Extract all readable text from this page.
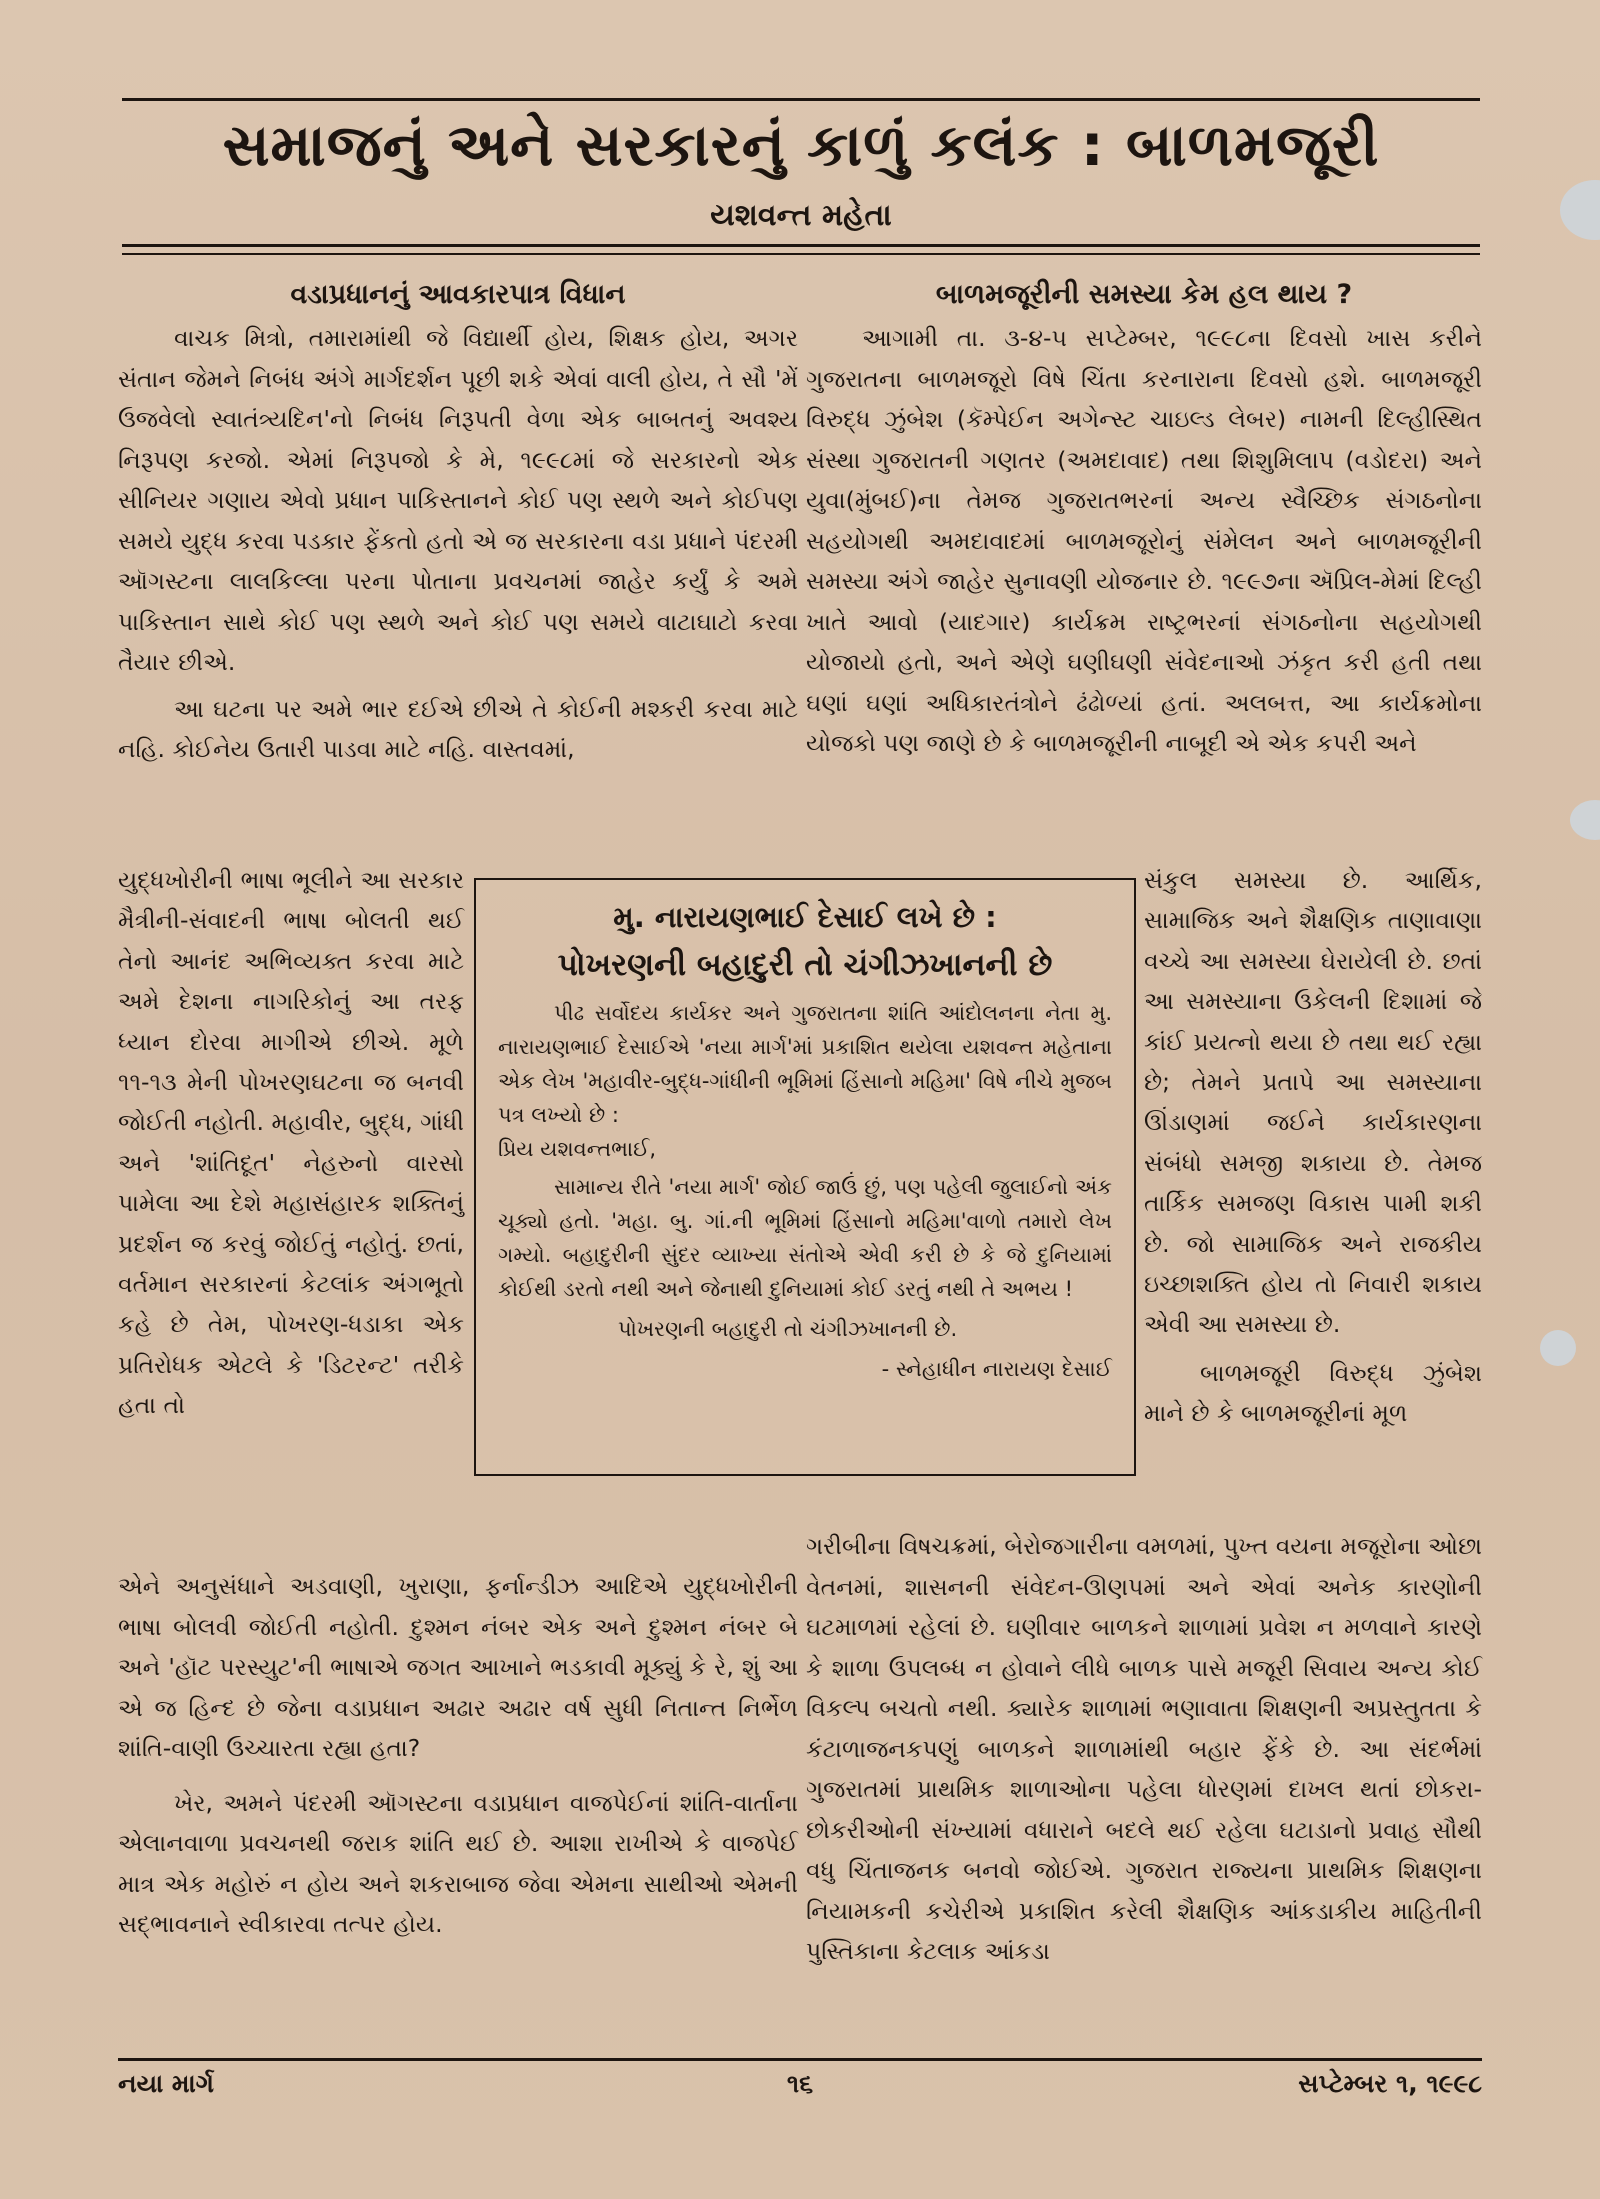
સમાજનું અને સરકારનું કાળું કલંક : બાળમજૂરી
યશવન્ત મહેતા

વડાપ્રધાનનું આવકારપાત્ર વિધાન

વાચક મિત્રો, તમારામાંથી જે વિદ્યાર્થી હોય, શિક્ષક હોય, અગર સંતાન જેમને નિબંધ અંગે માર્ગદર્શન પૂછી શકે એવાં વાલી હોય, તે સૌ 'મેં ઉજવેલો સ્વાતંત્ર્યદિન'નો નિબંધ નિરૂપતી વેળા એક બાબતનું અવશ્ય નિરૂપણ કરજો. એમાં નિરૂપજો કે મે, ૧૯૯૮માં જે સરકારનો એક સીનિયર ગણાય એવો પ્રધાન પાકિસ્તાનને કોઈ પણ સ્થળે અને કોઈપણ સમયે યુદ્ધ કરવા પડકાર ફેંકતો હતો એ જ સરકારના વડા પ્રધાને પંદરમી ઑગસ્ટના લાલકિલ્લા પરના પોતાના પ્રવચનમાં જાહેર કર્યું કે અમે પાકિસ્તાન સાથે કોઈ પણ સ્થળે અને કોઈ પણ સમયે વાટાઘાટો કરવા તૈયાર છીએ.

આ ઘટના પર અમે ભાર દઈએ છીએ તે કોઈની મશ્કરી કરવા માટે નહિ. કોઈનેય ઉતારી પાડવા માટે નહિ. વાસ્તવમાં,

યુદ્ધખોરીની ભાષા ભૂલીને આ સરકાર મૈત્રીની-સંવાદની ભાષા બોલતી થઈ તેનો આનંદ અભિવ્યક્ત કરવા માટે અમે દેશના નાગરિકોનું આ તરફ ધ્યાન દોરવા માગીએ છીએ. મૂળે ૧૧-૧૩ મેની પોખરણઘટના જ બનવી જોઈતી નહોતી. મહાવીર, બુદ્ધ, ગાંધી અને 'શાંતિદૂત' નેહરુનો વારસો પામેલા આ દેશે મહાસંહારક શક્તિનું પ્રદર્શન જ કરવું જોઈતું નહોતું. છતાં, વર્તમાન સરકારનાં કેટલાંક અંગભૂતો કહે છે તેમ, પોખરણ-ધડાકા એક પ્રતિરોધક એટલે કે 'ડિટરન્ટ' તરીકે હતા તો

એને અનુસંધાને અડવાણી, ખુરાણા, ફર્નાન્ડીઝ આદિએ યુદ્ધખોરીની ભાષા બોલવી જોઈતી નહોતી. દુશ્મન નંબર એક અને દુશ્મન નંબર બે અને 'હૉટ પરસ્યુટ'ની ભાષાએ જગત આખાને ભડકાવી મૂક્યું કે રે, શું આ એ જ હિન્દ છે જેના વડાપ્રધાન અઢાર અઢાર વર્ષ સુધી નિતાન્ત નિર્ભેળ શાંતિ-વાણી ઉચ્ચારતા રહ્યા હતા?

ખેર, અમને પંદરમી ઑગસ્ટના વડાપ્રધાન વાજપેઈનાં શાંતિ-વાર્તાના એલાનવાળા પ્રવચનથી જરાક શાંતિ થઈ છે. આશા રાખીએ કે વાજપેઈ માત્ર એક મહોરું ન હોય અને શકરાબાજ જેવા એમના સાથીઓ એમની સદ્ભાવનાને સ્વીકારવા તત્પર હોય.

બાળમજૂરીની સમસ્યા કેમ હલ થાય ?

આગામી તા. ૩-૪-૫ સપ્ટેમ્બર, ૧૯૯૮ના દિવસો ખાસ કરીને ગુજરાતના બાળમજૂરો વિષે ચિંતા કરનારાના દિવસો હશે. બાળમજૂરી વિરુદ્ધ ઝુંબેશ (કૅમ્પેઈન અગેન્સ્ટ ચાઇલ્ડ લેબર) નામની દિલ્હીસ્થિત સંસ્થા ગુજરાતની ગણતર (અમદાવાદ) તથા શિશુમિલાપ (વડોદરા) અને યુવા(મુંબઈ)ના તેમજ ગુજરાતભરનાં અન્ય સ્વૈચ્છિક સંગઠનોના સહયોગથી અમદાવાદમાં બાળમજૂરોનું સંમેલન અને બાળમજૂરીની સમસ્યા અંગે જાહેર સુનાવણી યોજનાર છે. ૧૯૯૭ના ઍપ્રિલ-મેમાં દિલ્હી ખાતે આવો (યાદગાર) કાર્યક્રમ રાષ્ટ્રભરનાં સંગઠનોના સહયોગથી યોજાયો હતો, અને એણે ઘણીઘણી સંવેદનાઓ ઝંકૃત કરી હતી તથા ઘણાં ઘણાં અધિકારતંત્રોને ઢંઢોળ્યાં હતાં. અલબત્ત, આ કાર્યક્રમોના યોજકો પણ જાણે છે કે બાળમજૂરીની નાબૂદી એ એક કપરી અને

સંકુલ સમસ્યા છે. આર્થિક, સામાજિક અને શૈક્ષણિક તાણાવાણા વચ્ચે આ સમસ્યા ઘેરાયેલી છે. છતાં આ સમસ્યાના ઉકેલની દિશામાં જે કાંઈ પ્રયત્નો થયા છે તથા થઈ રહ્યા છે; તેમને પ્રતાપે આ સમસ્યાના ઊંડાણમાં જઈને કાર્યકારણના સંબંધો સમજી શકાયા છે. તેમજ તાર્કિક સમજણ વિકાસ પામી શકી છે. જો સામાજિક અને રાજકીય ઇચ્છાશક્તિ હોય તો નિવારી શકાય એવી આ સમસ્યા છે.

બાળમજૂરી વિરુદ્ધ ઝુંબેશ માને છે કે બાળમજૂરીનાં મૂળ

ગરીબીના વિષચક્રમાં, બેરોજગારીના વમળમાં, પુખ્ત વયના મજૂરોના ઓછા વેતનમાં, શાસનની સંવેદન-ઊણપમાં અને એવાં અનેક કારણોની ઘટમાળમાં રહેલાં છે. ઘણીવાર બાળકને શાળામાં પ્રવેશ ન મળવાને કારણે કે શાળા ઉપલબ્ધ ન હોવાને લીધે બાળક પાસે મજૂરી સિવાય અન્ય કોઈ વિકલ્પ બચતો નથી. ક્યારેક શાળામાં ભણાવાતા શિક્ષણની અપ્રસ્તુતતા કે કંટાળાજનકપણું બાળકને શાળામાંથી બહાર ફેંકે છે. આ સંદર્ભમાં ગુજરાતમાં પ્રાથમિક શાળાઓના પહેલા ધોરણમાં દાખલ થતાં છોકરા-છોકરીઓની સંખ્યામાં વધારાને બદલે થઈ રહેલા ઘટાડાનો પ્રવાહ સૌથી વધુ ચિંતાજનક બનવો જોઈએ. ગુજરાત રાજ્યના પ્રાથમિક શિક્ષણના નિયામકની કચેરીએ પ્રકાશિત કરેલી શૈક્ષણિક આંકડાકીય માહિતીની પુસ્તિકાના કેટલાક આંકડા

મુ. નારાયણભાઈ દેસાઈ લખે છે :

પોખરણની બહાદુરી તો ચંગીઝખાનની છે

પીઢ સર્વોદય કાર્યકર અને ગુજરાતના શાંતિ આંદોલનના નેતા મુ. નારાયણભાઈ દેસાઈએ 'નયા માર્ગ'માં પ્રકાશિત થયેલા યશવન્ત મહેતાના એક લેખ 'મહાવીર-બુદ્ધ-ગાંધીની ભૂમિમાં હિંસાનો મહિમા' વિષે નીચે મુજબ પત્ર લખ્યો છે :

પ્રિય યશવન્તભાઈ,

સામાન્ય રીતે 'નયા માર્ગ' જોઈ જાઉં છું, પણ પહેલી જુલાઈનો અંક ચૂક્યો હતો. 'મહા. બુ. ગાં.ની ભૂમિમાં હિંસાનો મહિમા'વાળો તમારો લેખ ગમ્યો. બહાદુરીની સુંદર વ્યાખ્યા સંતોએ એવી કરી છે કે જે દુનિયામાં કોઈથી ડરતો નથી અને જેનાથી દુનિયામાં કોઈ ડરતું નથી તે અભય !

પોખરણની બહાદુરી તો ચંગીઝખાનની છે.

- સ્નેહાધીન નારાયણ દેસાઈ

નયા માર્ગ	૧૬	સપ્ટેમ્બર ૧, ૧૯૯૮
